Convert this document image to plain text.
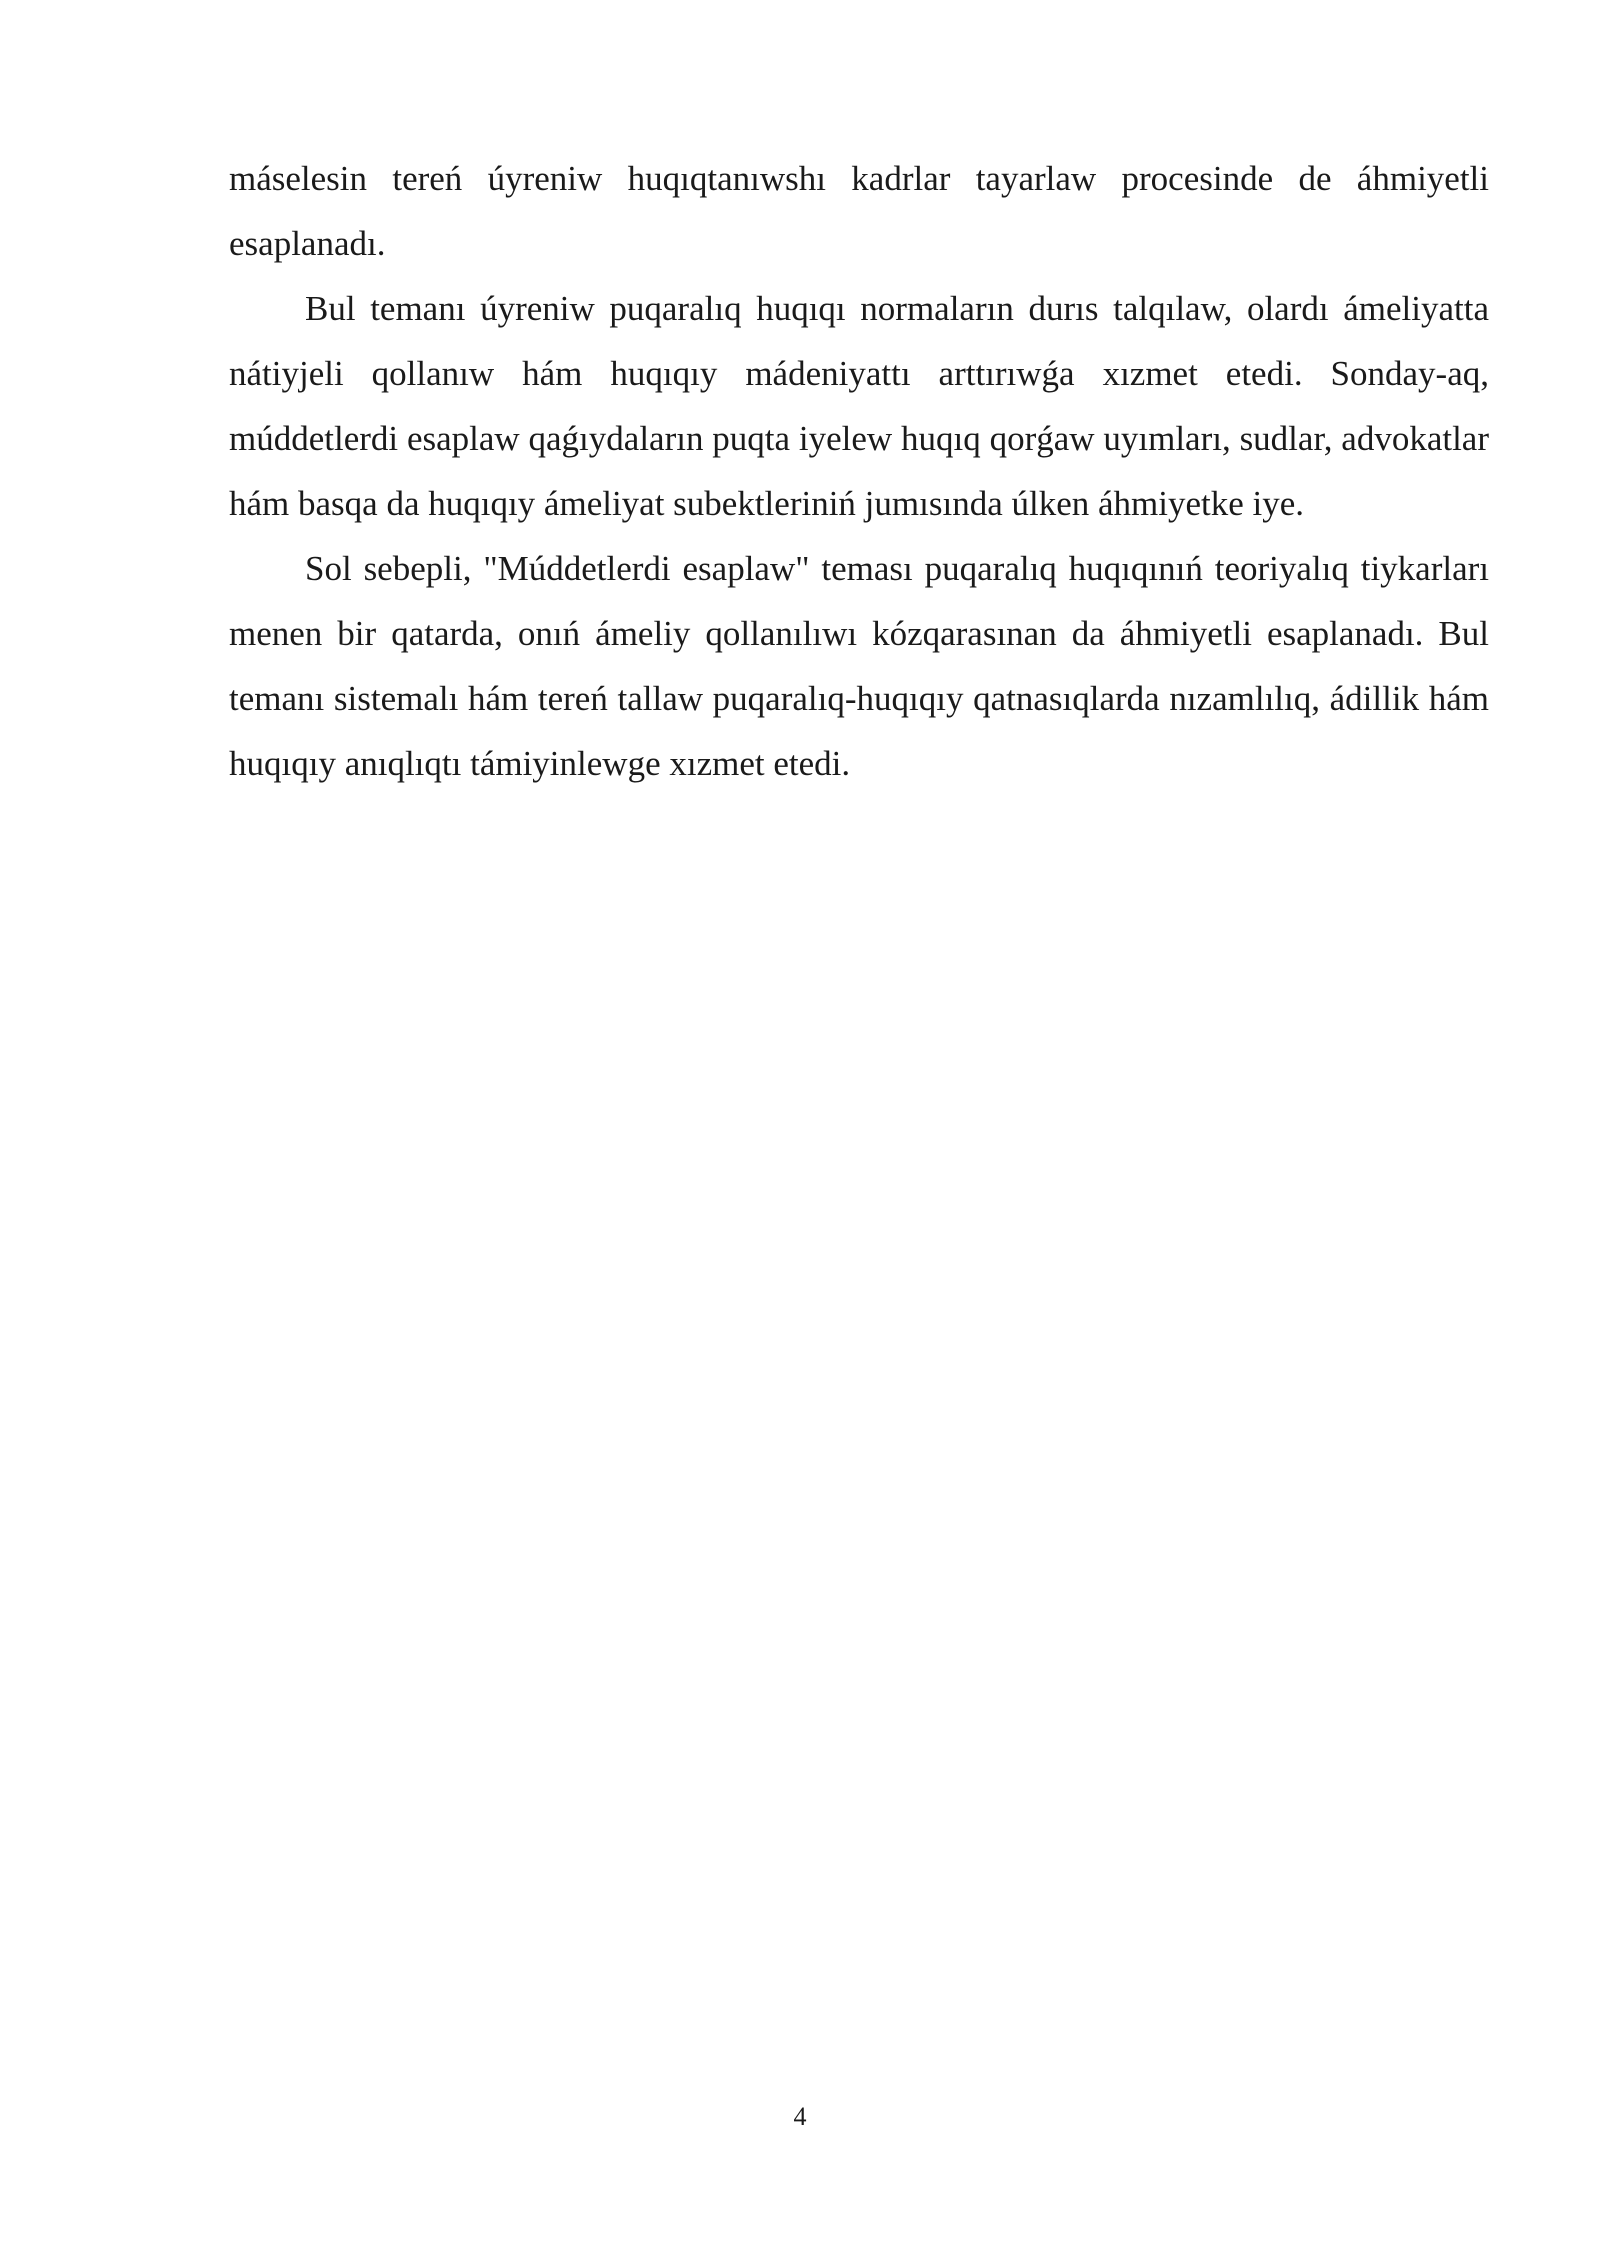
máselesin tereń úyreniw huqıqtanıwshı kadrlar tayarlaw procesinde de áhmiyetli esaplanadı.

Bul temanı úyreniw puqaralıq huqıqı normaların durıs talqılaw, olardı ámeliyatta nátiyjeli qollanıw hám huqıqıy mádeniyattı arttırıwǵa xızmet etedi. Sonday-aq, múddetlerdi esaplaw qaǵıydaların puqta iyelew huqıq qorǵaw uyımları, sudlar, advokatlar hám basqa da huqıqıy ámeliyat subektleriniń jumısında úlken áhmiyetke iye.

Sol sebepli, "Múddetlerdi esaplaw" teması puqaralıq huqıqınıń teoriyalıq tiykarları menen bir qatarda, onıń ámeliy qollanılıwı kózqarasınan da áhmiyetli esaplanadı. Bul temanı sistemalı hám tereń tallaw puqaralıq-huqıqıy qatnasıqlarda nızamlılıq, ádillik hám huqıqıy anıqlıqtı támiyinlewge xızmet etedi.

4
